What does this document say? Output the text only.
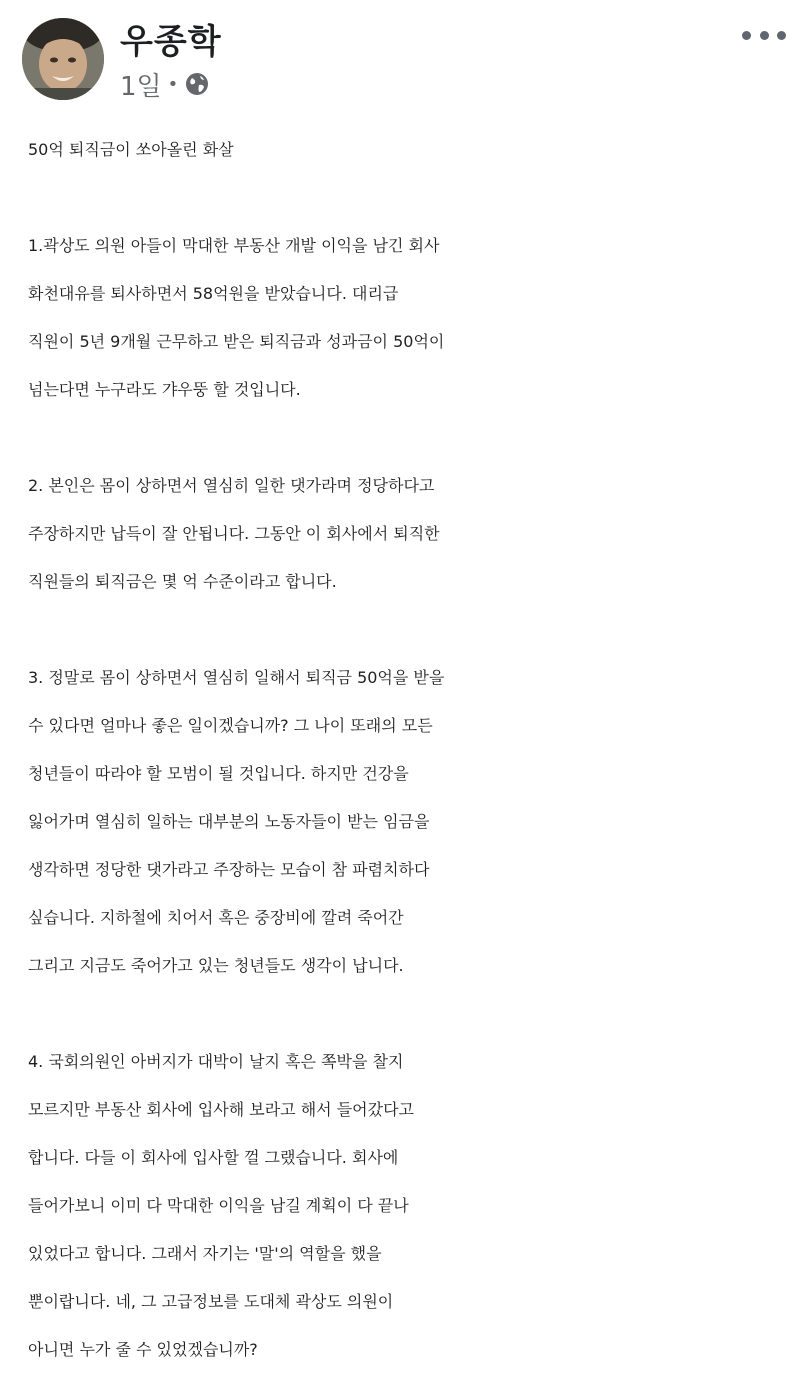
우종학
1일 •
50억 퇴직금이 쏘아올린 화살
1.곽상도 의원 아들이 막대한 부동산 개발 이익을 남긴 회사
화천대유를 퇴사하면서 58억원을 받았습니다. 대리급
직원이 5년 9개월 근무하고 받은 퇴직금과 성과금이 50억이
넘는다면 누구라도 갸우뚱 할 것입니다.
2. 본인은 몸이 상하면서 열심히 일한 댓가라며 정당하다고
주장하지만 납득이 잘 안됩니다. 그동안 이 회사에서 퇴직한
직원들의 퇴직금은 몇 억 수준이라고 합니다.
3. 정말로 몸이 상하면서 열심히 일해서 퇴직금 50억을 받을
수 있다면 얼마나 좋은 일이겠습니까? 그 나이 또래의 모든
청년들이 따라야 할 모범이 될 것입니다. 하지만 건강을
잃어가며 열심히 일하는 대부분의 노동자들이 받는 임금을
생각하면 정당한 댓가라고 주장하는 모습이 참 파렴치하다
싶습니다. 지하철에 치어서 혹은 중장비에 깔려 죽어간
그리고 지금도 죽어가고 있는 청년들도 생각이 납니다.
4. 국회의원인 아버지가 대박이 날지 혹은 쪽박을 찰지
모르지만 부동산 회사에 입사해 보라고 해서 들어갔다고
합니다. 다들 이 회사에 입사할 껄 그랬습니다. 회사에
들어가보니 이미 다 막대한 이익을 남길 계획이 다 끝나
있었다고 합니다. 그래서 자기는 '말'의 역할을 했을
뿐이랍니다. 네, 그 고급정보를 도대체 곽상도 의원이
아니면 누가 줄 수 있었겠습니까?
